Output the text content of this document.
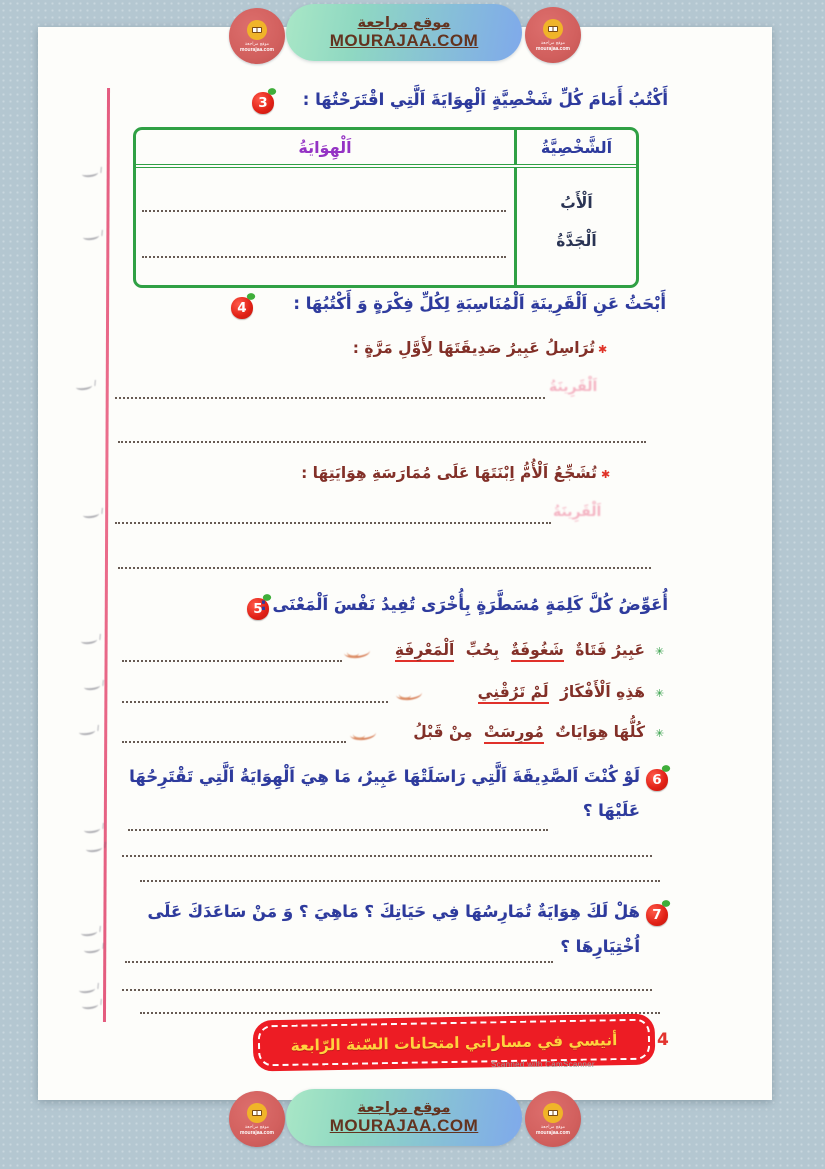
3	أَكْتُبُ أَمَامَ كُلِّ شَخْصِيَّةٍ اَلْهِوَايَةَ اَلَّتِي اقْتَرَحْتُهَا :
اَلشَّخْصِيَّةُ
اَلْهِوَايَةُ
اَلْأَبُ
اَلْجَدَّةُ
4	أَبْحَثُ عَنِ اَلْقَرِينَةِ اَلْمُنَاسِبَةِ لِكُلِّ فِكْرَةٍ وَ أَكْتُبُهَا :
✱
تُرَاسِلُ عَبِيرُ صَدِيقَتَهَا لِأَوَّلِ مَرَّةٍ :
اَلْقَرِينَةُ
✱
تُشَجِّعُ اَلْأُمُّ اِبْنَتَهَا عَلَى مُمَارَسَةِ هِوَايَتِهَا :
اَلْقَرِينَةُ
5
أُعَوِّضُ كُلَّ كَلِمَةٍ مُسَطَّرَةٍ بِأُخْرَى تُفِيدُ نَفْسَ اَلْمَعْنَى :
✳
عَبِيرُ فَتَاةٌ شَغُوفَةٌ بِحُبِّ اَلْمَعْرِفَةِ
✳
هَذِهِ اَلْأَفْكَارُ لَمْ تَرُقْنِي
✳
كُلُّهَا هِوَايَاتٌ مُورِسَتْ مِنْ قَبْلُ
6
لَوْ كُنْتَ اَلصَّدِيقَةَ اَلَّتِي رَاسَلَتْهَا عَبِيرٌ، مَا هِيَ اَلْهِوَايَةُ اَلَّتِي تَقْتَرِحُهَا
عَلَيْهَا ؟
7
هَلْ لَكَ هِوَايَةٌ تُمَارِسُهَا فِي حَيَاتِكَ ؟ مَاهِيَ ؟ وَ مَنْ سَاعَدَكَ عَلَى
اُخْتِيَارِهَا ؟
أنيسي في مساراتي امتحانات السّنة الرّابعة 4
Scanned with CamScanner
موقع مراجعة
MOURAJAA.COM
موقع مراجعة
mourajaa.com
موقع مراجعة
mourajaa.com
موقع مراجعة
MOURAJAA.COM
موقع مراجعة
mourajaa.com
موقع مراجعة
mourajaa.com
